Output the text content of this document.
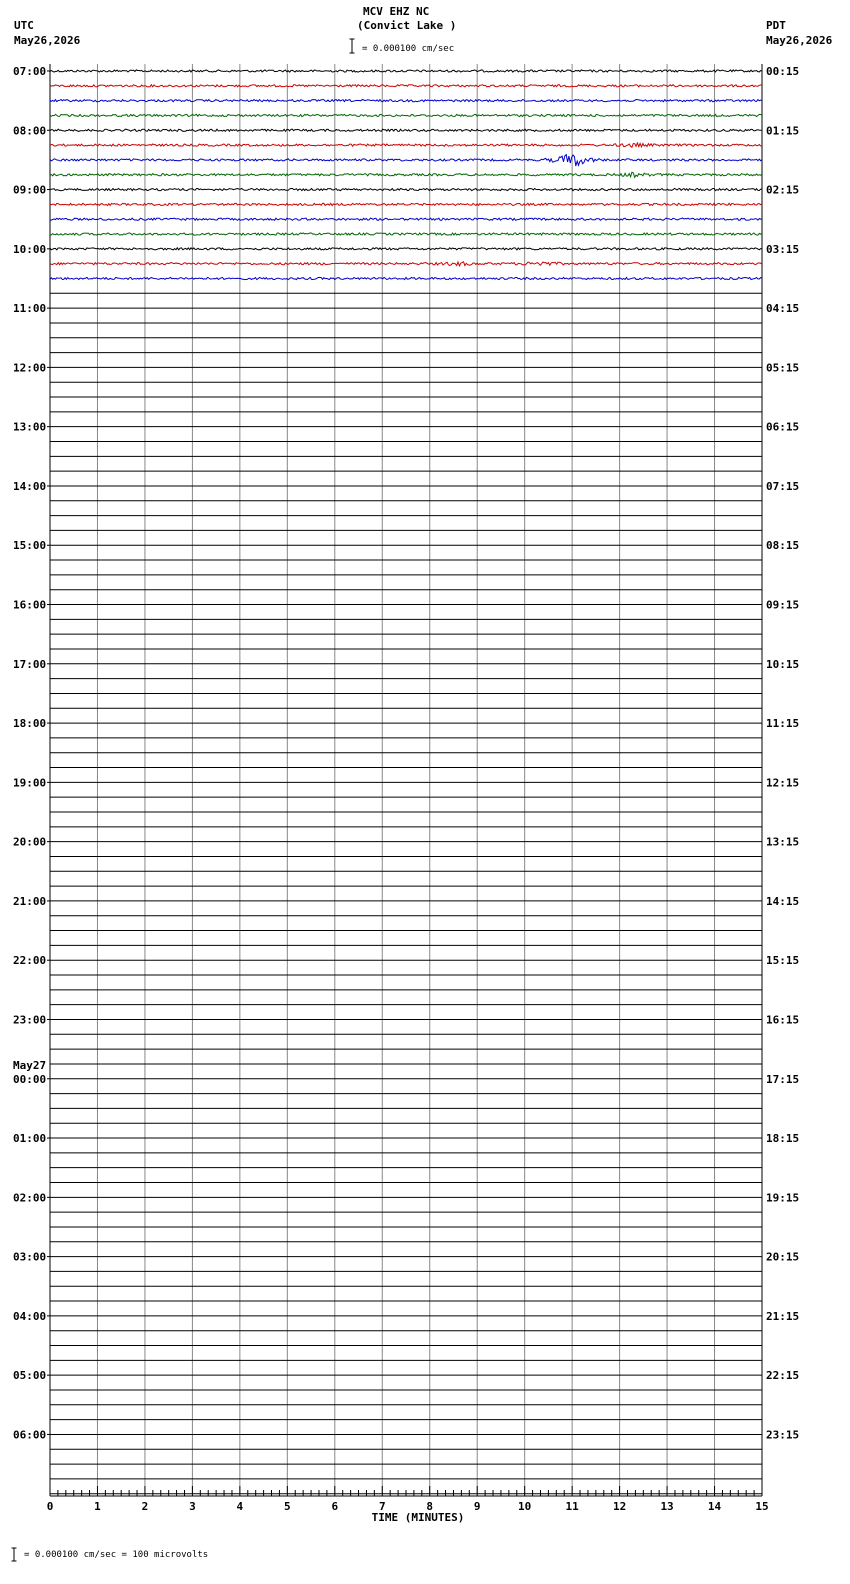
MCV EHZ NC
(Convict Lake )
UTC
May26,2026
PDT
May26,2026
= 0.000100 cm/sec
= 0.000100 cm/sec = 100 microvolts
07:00	00:15
08:00	01:15
09:00	02:15
10:00	03:15
11:00	04:15
12:00	05:15
13:00	06:15
14:00	07:15
15:00	08:15
16:00	09:15
17:00	10:15
18:00	11:15
19:00	12:15
20:00	13:15
21:00	14:15
22:00	15:15
23:00	16:15
00:00	17:15
May27
01:00	18:15
02:00	19:15
03:00	20:15
04:00	21:15
05:00	22:15
06:00	23:15
0	1	2	3	4	5	6	7	8	9	10	11	12	13	14	15
TIME (MINUTES)
